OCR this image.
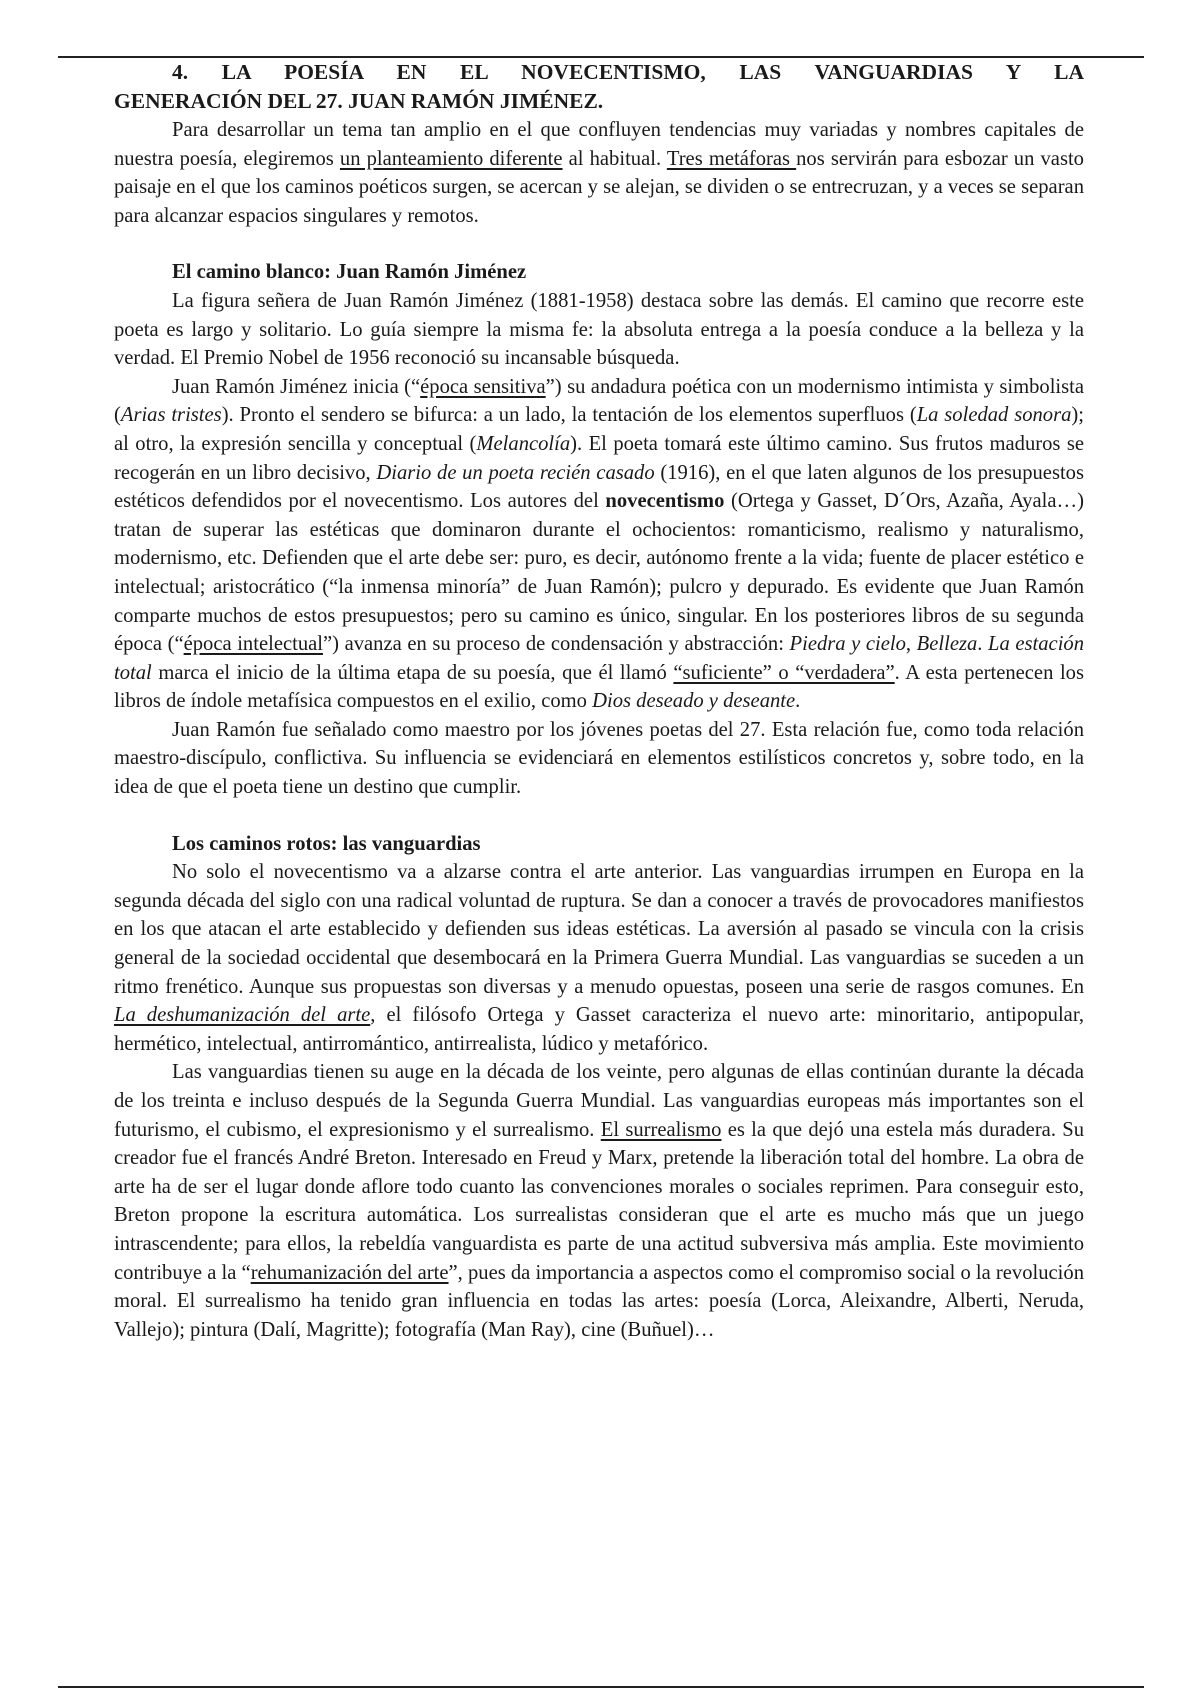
4. LA POESÍA EN EL NOVECENTISMO, LAS VANGUARDIAS Y LA
GENERACIÓN DEL 27. JUAN RAMÓN JIMÉNEZ.

Para desarrollar un tema tan amplio en el que confluyen tendencias muy variadas y nombres capitales de nuestra poesía, elegiremos un planteamiento diferente al habitual. Tres metáforas nos servirán para esbozar un vasto paisaje en el que los caminos poéticos surgen, se acercan y se alejan, se dividen o se entrecruzan, y a veces se separan para alcanzar espacios singulares y remotos.

El camino blanco: Juan Ramón Jiménez

La figura señera de Juan Ramón Jiménez (1881-1958) destaca sobre las demás. El camino que recorre este poeta es largo y solitario. Lo guía siempre la misma fe: la absoluta entrega a la poesía conduce a la belleza y la verdad. El Premio Nobel de 1956 reconoció su incansable búsqueda.

Juan Ramón Jiménez inicia (“época sensitiva”) su andadura poética con un modernismo intimista y simbolista (Arias tristes). Pronto el sendero se bifurca: a un lado, la tentación de los elementos superfluos (La soledad sonora); al otro, la expresión sencilla y conceptual (Melancolía). El poeta tomará este último camino. Sus frutos maduros se recogerán en un libro decisivo, Diario de un poeta recién casado (1916), en el que laten algunos de los presupuestos estéticos defendidos por el novecentismo. Los autores del novecentismo (Ortega y Gasset, D´Ors, Azaña, Ayala…) tratan de superar las estéticas que dominaron durante el ochocientos: romanticismo, realismo y naturalismo, modernismo, etc. Defienden que el arte debe ser: puro, es decir, autónomo frente a la vida; fuente de placer estético e intelectual; aristocrático (“la inmensa minoría” de Juan Ramón); pulcro y depurado. Es evidente que Juan Ramón comparte muchos de estos presupuestos; pero su camino es único, singular. En los posteriores libros de su segunda época (“época intelectual”) avanza en su proceso de condensación y abstracción: Piedra y cielo, Belleza. La estación total marca el inicio de la última etapa de su poesía, que él llamó “suficiente” o “verdadera”. A esta pertenecen los libros de índole metafísica compuestos en el exilio, como Dios deseado y deseante.

Juan Ramón fue señalado como maestro por los jóvenes poetas del 27. Esta relación fue, como toda relación maestro-discípulo, conflictiva. Su influencia se evidenciará en elementos estilísticos concretos y, sobre todo, en la idea de que el poeta tiene un destino que cumplir.

Los caminos rotos: las vanguardias

No solo el novecentismo va a alzarse contra el arte anterior. Las vanguardias irrumpen en Europa en la segunda década del siglo con una radical voluntad de ruptura. Se dan a conocer a través de provocadores manifiestos en los que atacan el arte establecido y defienden sus ideas estéticas. La aversión al pasado se vincula con la crisis general de la sociedad occidental que desembocará en la Primera Guerra Mundial. Las vanguardias se suceden a un ritmo frenético. Aunque sus propuestas son diversas y a menudo opuestas, poseen una serie de rasgos comunes. En La deshumanización del arte, el filósofo Ortega y Gasset caracteriza el nuevo arte: minoritario, antipopular, hermético, intelectual, antirromántico, antirrealista, lúdico y metafórico.

Las vanguardias tienen su auge en la década de los veinte, pero algunas de ellas continúan durante la década de los treinta e incluso después de la Segunda Guerra Mundial. Las vanguardias europeas más importantes son el futurismo, el cubismo, el expresionismo y el surrealismo. El surrealismo es la que dejó una estela más duradera. Su creador fue el francés André Breton. Interesado en Freud y Marx, pretende la liberación total del hombre. La obra de arte ha de ser el lugar donde aflore todo cuanto las convenciones morales o sociales reprimen. Para conseguir esto, Breton propone la escritura automática. Los surrealistas consideran que el arte es mucho más que un juego intrascendente; para ellos, la rebeldía vanguardista es parte de una actitud subversiva más amplia. Este movimiento contribuye a la “rehumanización del arte”, pues da importancia a aspectos como el compromiso social o la revolución moral. El surrealismo ha tenido gran influencia en todas las artes: poesía (Lorca, Aleixandre, Alberti, Neruda, Vallejo); pintura (Dalí, Magritte); fotografía (Man Ray), cine (Buñuel)…
